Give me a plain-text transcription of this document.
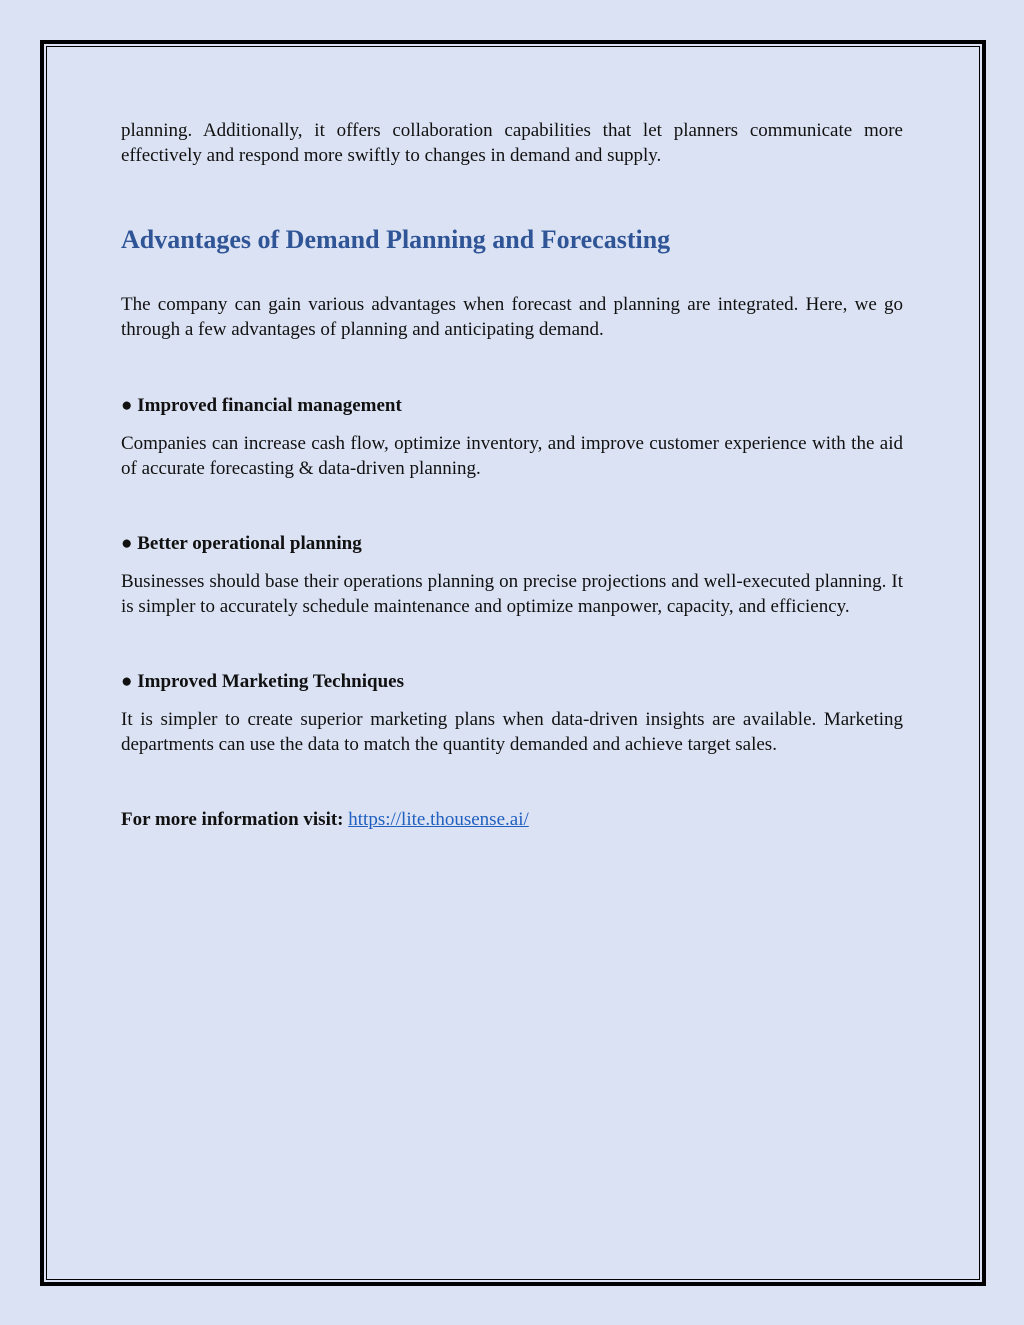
planning. Additionally, it offers collaboration capabilities that let planners communicate more effectively and respond more swiftly to changes in demand and supply.

Advantages of Demand Planning and Forecasting

The company can gain various advantages when forecast and planning are integrated. Here, we go through a few advantages of planning and anticipating demand.

● Improved financial management

Companies can increase cash flow, optimize inventory, and improve customer experience with the aid of accurate forecasting & data-driven planning.

● Better operational planning

Businesses should base their operations planning on precise projections and well-executed planning. It is simpler to accurately schedule maintenance and optimize manpower, capacity, and efficiency.

● Improved Marketing Techniques

It is simpler to create superior marketing plans when data-driven insights are available. Marketing departments can use the data to match the quantity demanded and achieve target sales.

For more information visit: https://lite.thousense.ai/
